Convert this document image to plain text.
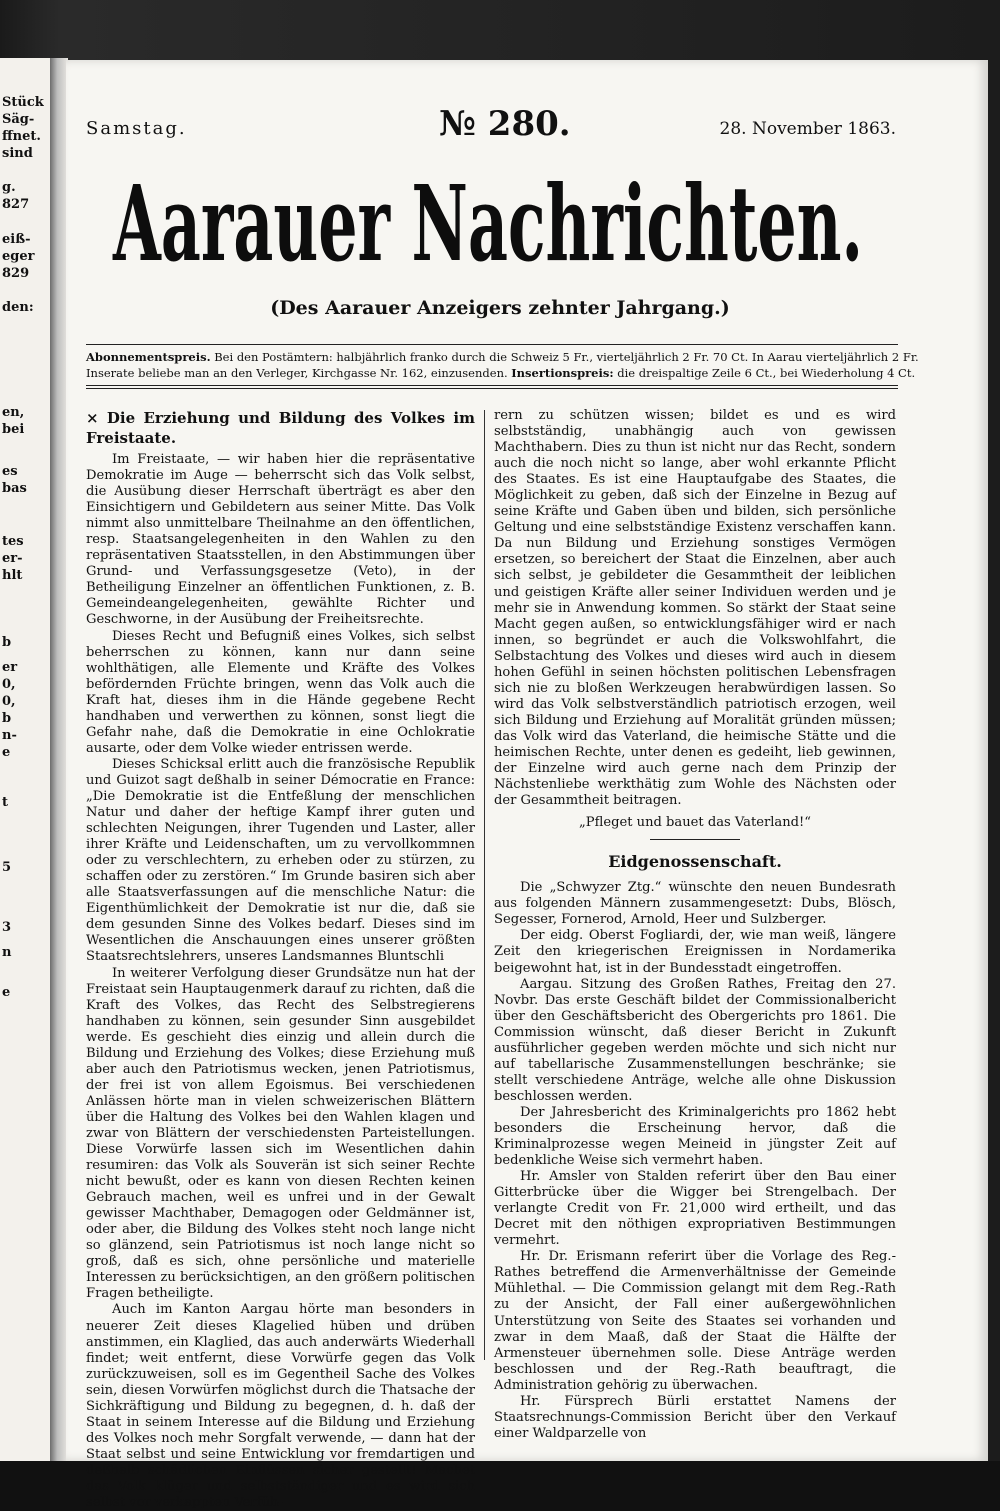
Stück
Säg-
ffnet.
sind
g.
827
eiß-
eger
829
den:
en,
bei
es
bas
tes
er-
hlt
b
er
0,
0,
b
n-
e
t
5
3
n
e
Samstag.	№ 280.	28. November 1863.
Aarauer Nachrichten.
(Des Aarauer Anzeigers zehnter Jahrgang.)
Abonnementspreis. Bei den Postämtern: halbjährlich franko durch die Schweiz 5 Fr., vierteljährlich 2 Fr. 70 Ct. In Aarau vierteljährlich 2 Fr.
Inserate beliebe man an den Verleger, Kirchgasse Nr. 162, einzusenden. Insertionspreis: die dreispaltige Zeile 6 Ct., bei Wiederholung 4 Ct.
× Die Erziehung und Bildung des Volkes im Freistaate.

Im Freistaate, — wir haben hier die repräsentative Demokratie im Auge — beherrscht sich das Volk selbst, die Ausübung dieser Herrschaft überträgt es aber den Einsichtigern und Gebildetern aus seiner Mitte. Das Volk nimmt also unmittelbare Theilnahme an den öffentlichen, resp. Staatsangelegenheiten in den Wahlen zu den repräsentativen Staatsstellen, in den Abstimmungen über Grund- und Verfassungsgesetze (Veto), in der Betheiligung Einzelner an öffentlichen Funktionen, z. B. Gemeindeangelegenheiten, gewählte Richter und Geschworne, in der Ausübung der Freiheitsrechte.

Dieses Recht und Befugniß eines Volkes, sich selbst beherrschen zu können, kann nur dann seine wohlthätigen, alle Elemente und Kräfte des Volkes befördernden Früchte bringen, wenn das Volk auch die Kraft hat, dieses ihm in die Hände gegebene Recht handhaben und verwerthen zu können, sonst liegt die Gefahr nahe, daß die Demokratie in eine Ochlokratie ausarte, oder dem Volke wieder entrissen werde.

Dieses Schicksal erlitt auch die französische Republik und Guizot sagt deßhalb in seiner Démocratie en France: „Die Demokratie ist die Entfeßlung der menschlichen Natur und daher der heftige Kampf ihrer guten und schlechten Neigungen, ihrer Tugenden und Laster, aller ihrer Kräfte und Leidenschaften, um zu vervollkommnen oder zu verschlechtern, zu erheben oder zu stürzen, zu schaffen oder zu zerstören.“ Im Grunde basiren sich aber alle Staatsverfassungen auf die menschliche Natur: die Eigenthümlichkeit der Demokratie ist nur die, daß sie dem gesunden Sinne des Volkes bedarf. Dieses sind im Wesentlichen die Anschauungen eines unserer größten Staatsrechtslehrers, unseres Landsmannes Bluntschli

In weiterer Verfolgung dieser Grundsätze nun hat der Freistaat sein Hauptaugenmerk darauf zu richten, daß die Kraft des Volkes, das Recht des Selbstregierens handhaben zu können, sein gesunder Sinn ausgebildet werde. Es geschieht dies einzig und allein durch die Bildung und Erziehung des Volkes; diese Erziehung muß aber auch den Patriotismus wecken, jenen Patriotismus, der frei ist von allem Egoismus. Bei verschiedenen Anlässen hörte man in vielen schweizerischen Blättern über die Haltung des Volkes bei den Wahlen klagen und zwar von Blättern der verschiedensten Parteistellungen. Diese Vorwürfe lassen sich im Wesentlichen dahin resumiren: das Volk als Souverän ist sich seiner Rechte nicht bewußt, oder es kann von diesen Rechten keinen Gebrauch machen, weil es unfrei und in der Gewalt gewisser Machthaber, Demagogen oder Geldmänner ist, oder aber, die Bildung des Volkes steht noch lange nicht so glänzend, sein Patriotismus ist noch lange nicht so groß, daß es sich, ohne persönliche und materielle Interessen zu berücksichtigen, an den größern politischen Fragen betheiligte.

Auch im Kanton Aargau hörte man besonders in neuerer Zeit dieses Klagelied hüben und drüben anstimmen, ein Klaglied, das auch anderwärts Wiederhall findet; weit entfernt, diese Vorwürfe gegen das Volk zurückzuweisen, soll es im Gegentheil Sache des Volkes sein, diesen Vorwürfen möglichst durch die Thatsache der Sichkräftigung und Bildung zu begegnen, d. h. daß der Staat in seinem Interesse auf die Bildung und Erziehung des Volkes noch mehr Sorgfalt verwende, — dann hat der Staat selbst und seine Entwicklung vor fremdartigen und deßhalb schädlichen Einflüssen sicher gestellt! Machet das Volk klüger und selbstständiger und es wird sich selbst vor verkappten Verfüh-

rern zu schützen wissen; bildet es und es wird selbstständig, unabhängig auch von gewissen Machthabern. Dies zu thun ist nicht nur das Recht, sondern auch die noch nicht so lange, aber wohl erkannte Pflicht des Staates. Es ist eine Hauptaufgabe des Staates, die Möglichkeit zu geben, daß sich der Einzelne in Bezug auf seine Kräfte und Gaben üben und bilden, sich persönliche Geltung und eine selbstständige Existenz verschaffen kann. Da nun Bildung und Erziehung sonstiges Vermögen ersetzen, so bereichert der Staat die Einzelnen, aber auch sich selbst, je gebildeter die Gesammtheit der leiblichen und geistigen Kräfte aller seiner Individuen werden und je mehr sie in Anwendung kommen. So stärkt der Staat seine Macht gegen außen, so entwicklungsfähiger wird er nach innen, so begründet er auch die Volkswohlfahrt, die Selbstachtung des Volkes und dieses wird auch in diesem hohen Gefühl in seinen höchsten politischen Lebensfragen sich nie zu bloßen Werkzeugen herabwürdigen lassen. So wird das Volk selbstverständlich patriotisch erzogen, weil sich Bildung und Erziehung auf Moralität gründen müssen; das Volk wird das Vaterland, die heimische Stätte und die heimischen Rechte, unter denen es gedeiht, lieb gewinnen, der Einzelne wird auch gerne nach dem Prinzip der Nächstenliebe werkthätig zum Wohle des Nächsten oder der Gesammtheit beitragen.

„Pfleget und bauet das Vaterland!“
Eidgenossenschaft.

Die „Schwyzer Ztg.“ wünschte den neuen Bundesrath aus folgenden Männern zusammengesetzt: Dubs, Blösch, Segesser, Fornerod, Arnold, Heer und Sulzberger.

Der eidg. Oberst Fogliardi, der, wie man weiß, längere Zeit den kriegerischen Ereignissen in Nordamerika beigewohnt hat, ist in der Bundesstadt eingetroffen.

Aargau. Sitzung des Großen Rathes, Freitag den 27. Novbr. Das erste Geschäft bildet der Commissionalbericht über den Geschäftsbericht des Obergerichts pro 1861. Die Commission wünscht, daß dieser Bericht in Zukunft ausführlicher gegeben werden möchte und sich nicht nur auf tabellarische Zusammenstellungen beschränke; sie stellt verschiedene Anträge, welche alle ohne Diskussion beschlossen werden.

Der Jahresbericht des Kriminalgerichts pro 1862 hebt besonders die Erscheinung hervor, daß die Kriminalprozesse wegen Meineid in jüngster Zeit auf bedenkliche Weise sich vermehrt haben.

Hr. Amsler von Stalden referirt über den Bau einer Gitterbrücke über die Wigger bei Strengelbach. Der verlangte Credit von Fr. 21,000 wird ertheilt, und das Decret mit den nöthigen expropriativen Bestimmungen vermehrt.

Hr. Dr. Erismann referirt über die Vorlage des Reg.-Rathes betreffend die Armenverhältnisse der Gemeinde Mühlethal. — Die Commission gelangt mit dem Reg.-Rath zu der Ansicht, der Fall einer außergewöhnlichen Unterstützung von Seite des Staates sei vorhanden und zwar in dem Maaß, daß der Staat die Hälfte der Armensteuer übernehmen solle. Diese Anträge werden beschlossen und der Reg.-Rath beauftragt, die Administration gehörig zu überwachen.

Hr. Fürsprech Bürli erstattet Namens der Staatsrechnungs-Commission Bericht über den Verkauf einer Waldparzelle von
